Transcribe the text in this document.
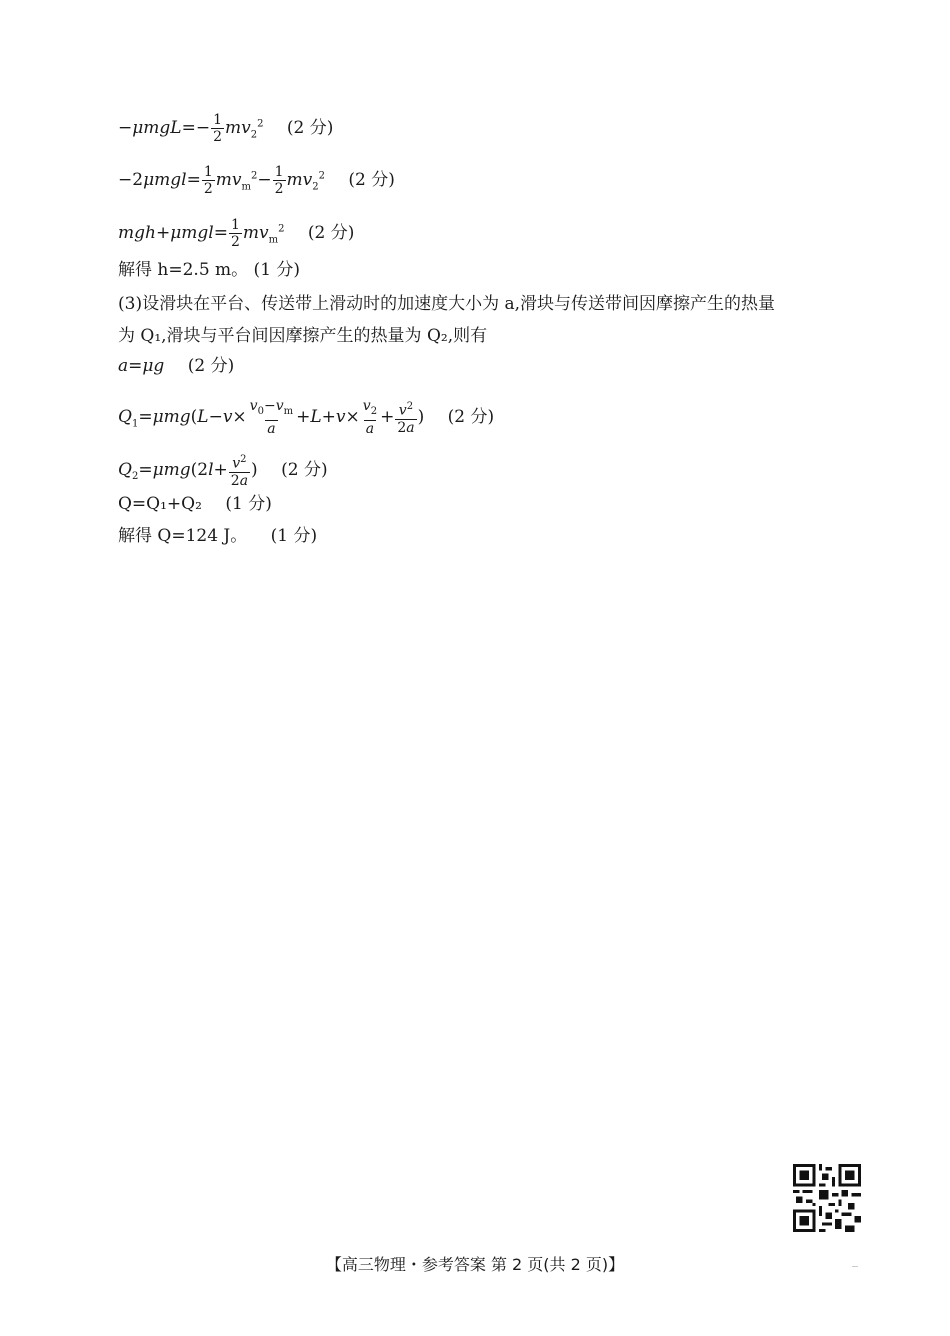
$-\mu mgL=- \frac{1}{2} mv_2^2$ (2 分)
$-2\mu mgl= \frac{1}{2} mv_m^2- \frac{1}{2} mv_2^2$ (2 分)
$mgh+\mu mgl= \frac{1}{2} mv_m^2$ (2 分)
解得 h=2.5 m。 (1 分)
(3)设滑块在平台、传送带上滑动时的加速度大小为 a,滑块与传送带间因摩擦产生的热量
为 Q₁,滑块与平台间因摩擦产生的热量为 Q₂,则有
a=μg (2 分)
$Q_1=\mu mg(L-v\times \frac{v_0-v_m}{a} +L+v\times \frac{v_2}{a} + \frac{v^2}{2a}$ ) (2 分)
$Q_2=\mu mg(2l+ \frac{v^2}{2a}$ ) (2 分)
Q=Q₁+Q₂ (1 分)
解得 Q=124 J。 (1 分)
【高三物理・参考答案 第 2 页(共 2 页)】
